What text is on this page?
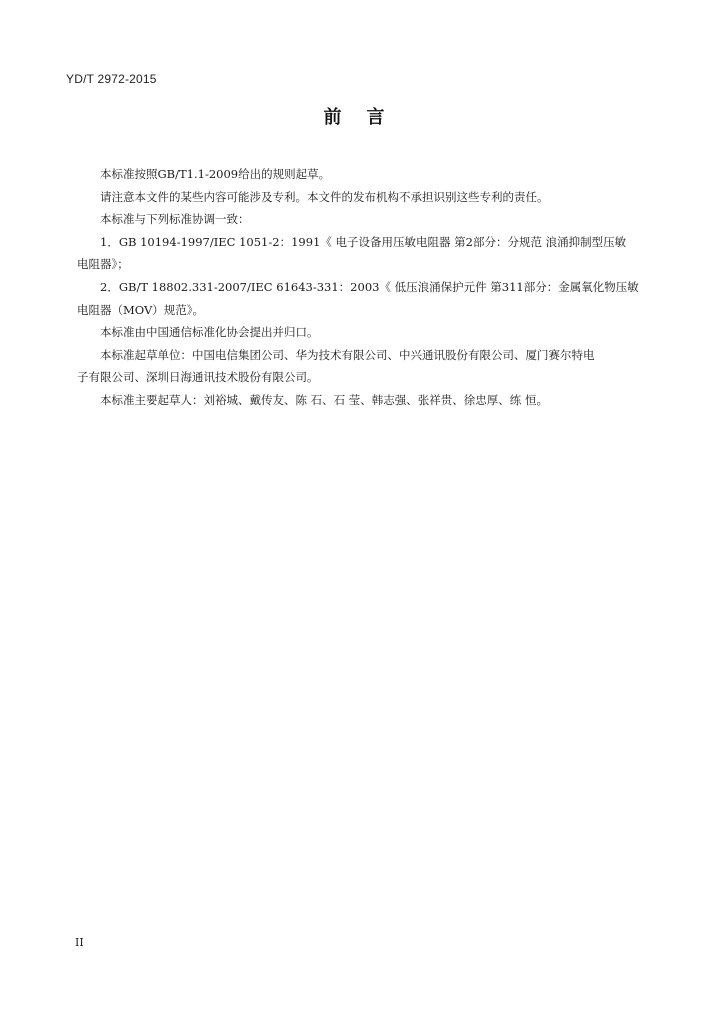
YD/T 2972-2015
前    言

本标准按照GB/T1.1-2009给出的规则起草。

请注意本文件的某些内容可能涉及专利。本文件的发布机构不承担识别这些专利的责任。

本标准与下列标准协调一致：

1．GB 10194-1997/IEC 1051-2：1991《 电子设备用压敏电阻器 第2部分：分规范 浪涌抑制型压敏

电阻器》；

2．GB/T 18802.331-2007/IEC 61643-331：2003《 低压浪涌保护元件 第311部分：金属氧化物压敏

电阻器（MOV）规范》。

本标准由中国通信标准化协会提出并归口。

本标准起草单位：中国电信集团公司、华为技术有限公司、中兴通讯股份有限公司、厦门赛尔特电

子有限公司、深圳日海通讯技术股份有限公司。

本标准主要起草人：刘裕城、戴传友、陈 石、石 莹、韩志强、张祥贵、徐忠厚、练 恒。

II
